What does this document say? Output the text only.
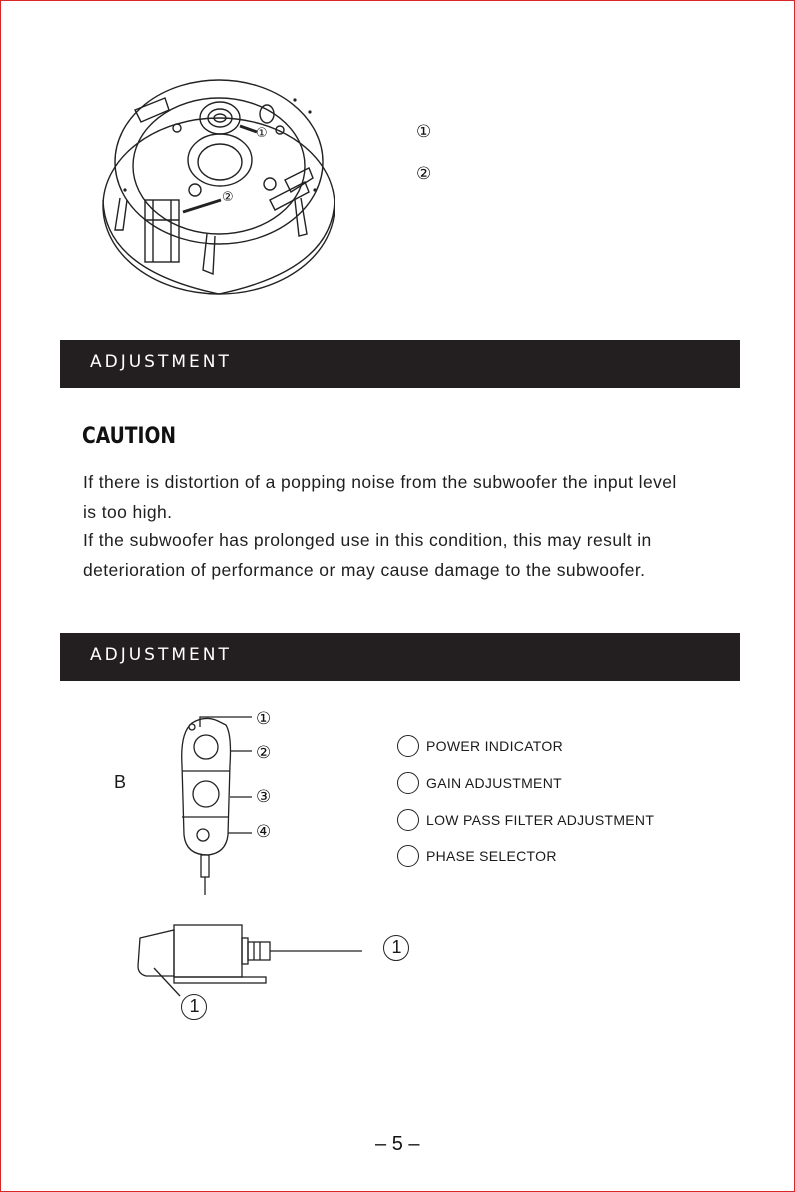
①
②
①
②
ADJUSTMENT
CAUTION
If there is distortion of a popping noise from the subwoofer the input level
is too high.
If the subwoofer has prolonged use in this condition, this may result in
deterioration of performance or may cause damage to the subwoofer.
ADJUSTMENT
B
①
②
③
④
POWER INDICATOR
GAIN ADJUSTMENT
LOW PASS FILTER ADJUSTMENT
PHASE SELECTOR
1
1
– 5 –
